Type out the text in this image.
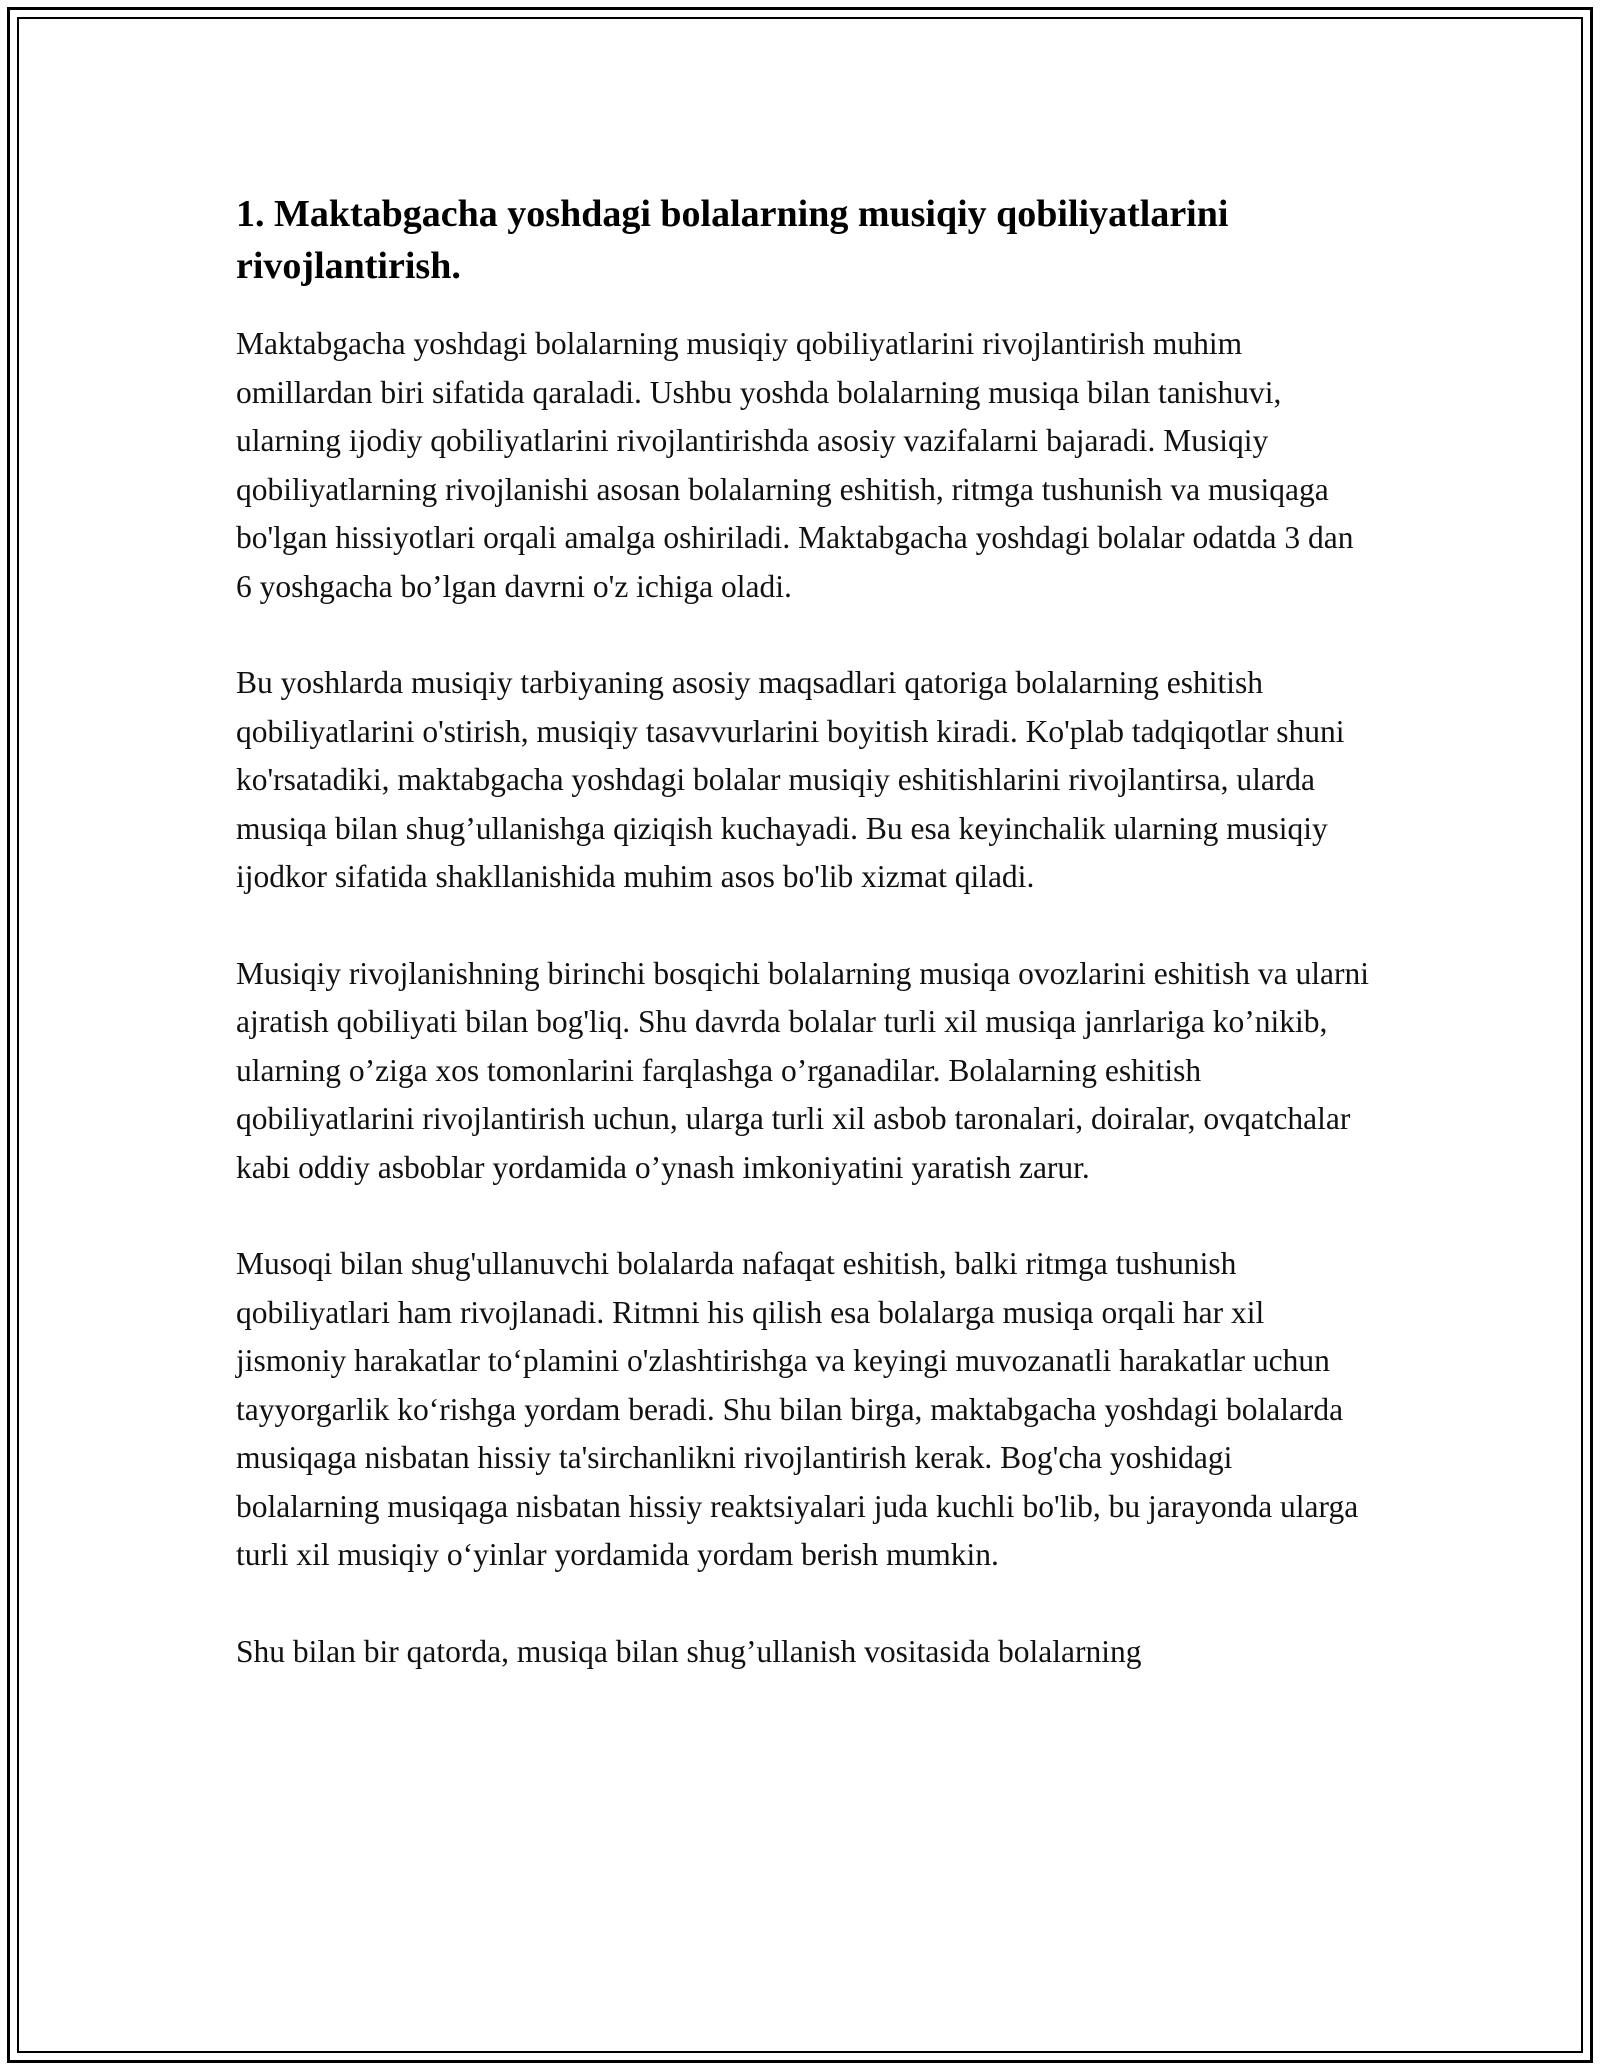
1. Maktabgacha yoshdagi bolalarning musiqiy qobiliyatlarini rivojlantirish.

Maktabgacha yoshdagi bolalarning musiqiy qobiliyatlarini rivojlantirish muhim omillardan biri sifatida qaraladi. Ushbu yoshda bolalarning musiqa bilan tanishuvi, ularning ijodiy qobiliyatlarini rivojlantirishda asosiy vazifalarni bajaradi. Musiqiy qobiliyatlarning rivojlanishi asosan bolalarning eshitish, ritmga tushunish va musiqaga bo'lgan hissiyotlari orqali amalga oshiriladi. Maktabgacha yoshdagi bolalar odatda 3 dan 6 yoshgacha bo’lgan davrni o'z ichiga oladi.

Bu yoshlarda musiqiy tarbiyaning asosiy maqsadlari qatoriga bolalarning eshitish qobiliyatlarini o'stirish, musiqiy tasavvurlarini boyitish kiradi. Ko'plab tadqiqotlar shuni ko'rsatadiki, maktabgacha yoshdagi bolalar musiqiy eshitishlarini rivojlantirsa, ularda musiqa bilan shug’ullanishga qiziqish kuchayadi. Bu esa keyinchalik ularning musiqiy ijodkor sifatida shakllanishida muhim asos bo'lib xizmat qiladi.

Musiqiy rivojlanishning birinchi bosqichi bolalarning musiqa ovozlarini eshitish va ularni ajratish qobiliyati bilan bog'liq. Shu davrda bolalar turli xil musiqa janrlariga ko’nikib, ularning o’ziga xos tomonlarini farqlashga o’rganadilar. Bolalarning eshitish qobiliyatlarini rivojlantirish uchun, ularga turli xil asbob taronalari, doiralar, ovqatchalar kabi oddiy asboblar yordamida o’ynash imkoniyatini yaratish zarur.

Musoqi bilan shug'ullanuvchi bolalarda nafaqat eshitish, balki ritmga tushunish qobiliyatlari ham rivojlanadi. Ritmni his qilish esa bolalarga musiqa orqali har xil jismoniy harakatlar to‘plamini o'zlashtirishga va keyingi muvozanatli harakatlar uchun tayyorgarlik ko‘rishga yordam beradi. Shu bilan birga, maktabgacha yoshdagi bolalarda musiqaga nisbatan hissiy ta'sirchanlikni rivojlantirish kerak. Bog'cha yoshidagi bolalarning musiqaga nisbatan hissiy reaktsiyalari juda kuchli bo'lib, bu jarayonda ularga turli xil musiqiy o‘yinlar yordamida yordam berish mumkin.

Shu bilan bir qatorda, musiqa bilan shug’ullanish vositasida bolalarning
